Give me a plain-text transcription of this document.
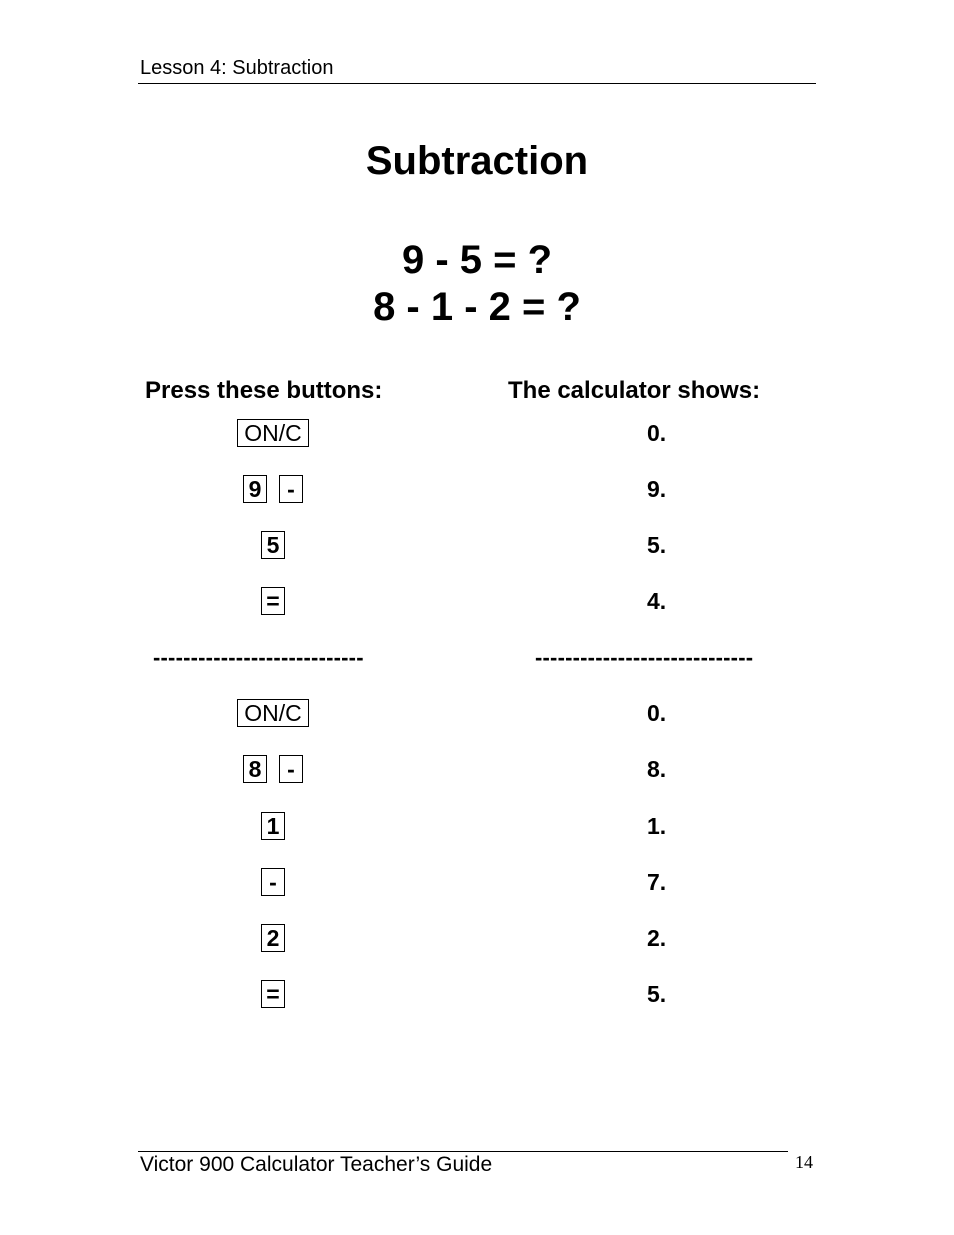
Lesson 4: Subtraction
Subtraction
9 - 5 = ?
8 - 1 - 2 = ?
Press these buttons:	The calculator shows:
ON/C	0.
9 -	9.
5	5.
=	4.
----------------------------	-----------------------------
ON/C	0.
8 -	8.
1	1.
-	7.
2	2.
=	5.
Victor 900 Calculator Teacher’s Guide	14
